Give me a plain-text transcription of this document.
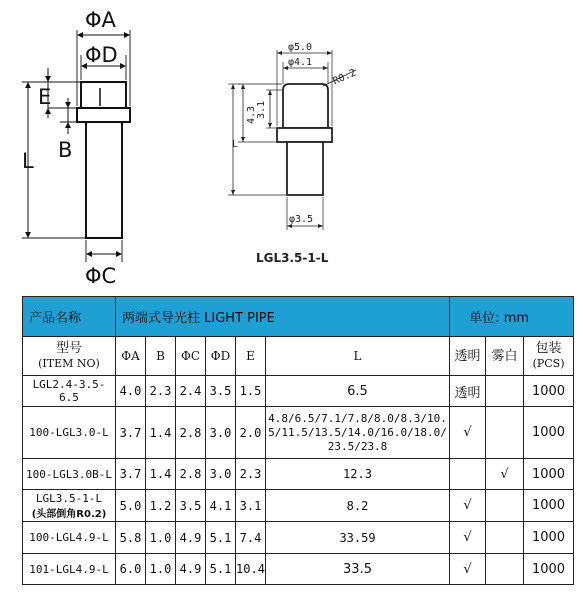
ΦA
ΦD
E
B
L
ΦC
φ5.0
φ4.1
R0.2
4.3 3.1
L
φ3.5
LGL3.5-1-L
产品名称	两端式导光柱 LIGHT PIPE						单位: mm		
型号
(ITEM NO)	ΦA	B	ΦC	ΦD	E	L	透明	雾白	包装
(PCS)
LGL2.4-3.5-6.5	4.0	2.3	2.4	3.5	1.5	6.5	透明		1000
100-LGL3.0-L	3.7	1.4	2.8	3.0	2.0	4.8/6.5/7.1/7.8/8.0/8.3/10.5/11.5/13.5/14.0/16.0/18.0/23.5/23.8	√		1000
100-LGL3.0B-L	3.7	1.4	2.8	3.0	2.3	12.3		√	1000
LGL3.5-1-L
(头部倒角R0.2)	5.0	1.2	3.5	4.1	3.1	8.2	√		1000
100-LGL4.9-L	5.8	1.0	4.9	5.1	7.4	33.59	√		1000
101-LGL4.9-L	6.0	1.0	4.9	5.1	10.4	33.5	√		1000
